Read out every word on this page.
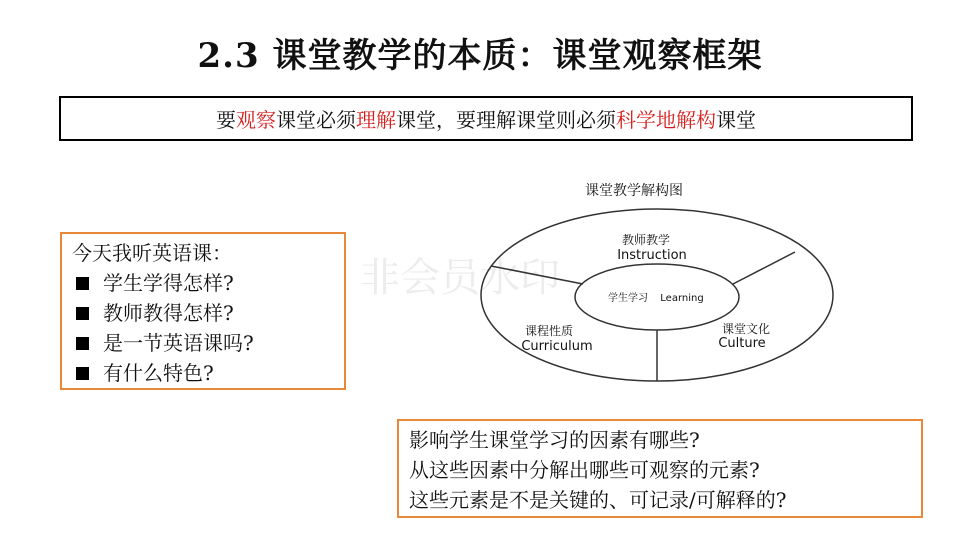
2.3 课堂教学的本质：课堂观察框架
要 观察 课堂必须 理解 课堂，要理解课堂则必须 科学地解构 课堂
非会员水印
今天我听英语课：
学生学得怎样?
教师教得怎样?
是一节英语课吗?
有什么特色?
课堂教学解构图
教师教学
Instruction
学生学习 Learning
课程性质
Curriculum
课堂文化
Culture
影响学生课堂学习的因素有哪些?
从这些因素中分解出哪些可观察的元素?
这些元素是不是关键的、可记录/可解释的?
